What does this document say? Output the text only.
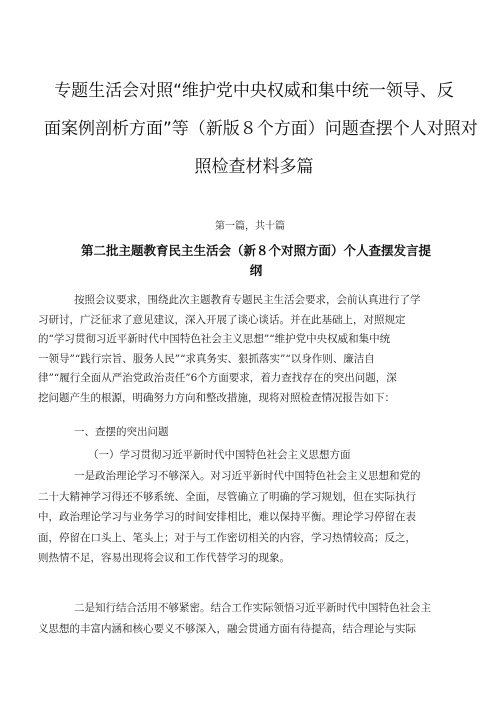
专题生活会对照“维护党中央权威和集中统一领导、反
面案例剖析方面”等（新版８个方面）问题查摆个人对照对
照检查材料多篇
第一篇，共十篇
第二批主题教育民主生活会（新８个对照方面）个人查摆发言提
纲
按照会议要求，围绕此次主题教育专题民主生活会要求，会前认真进行了学
习研讨，广泛征求了意见建议，深入开展了谈心谈话。并在此基础上，对照规定
的“学习贯彻习近平新时代中国特色社会主义思想”“维护党中央权威和集中统
一领导”“践行宗旨、服务人民”“求真务实、狠抓落实”“以身作则、廉洁自
律”“履行全面从严治党政治责任”6个方面要求，着力查找存在的突出问题，深
挖问题产生的根源，明确努力方向和整改措施，现将对照检查情况报告如下：
一、查摆的突出问题
（一）学习贯彻习近平新时代中国特色社会主义思想方面
一是政治理论学习不够深入。对习近平新时代中国特色社会主义思想和党的
二十大精神学习得还不够系统、全面，尽管确立了明确的学习规划，但在实际执行
中，政治理论学习与业务学习的时间安排相比，难以保持平衡。理论学习停留在表
面，停留在口头上、笔头上；对于与工作密切相关的内容，学习热情较高；反之，
则热情不足，容易出现将会议和工作代替学习的现象。
二是知行结合活用不够紧密。结合工作实际领悟习近平新时代中国特色社会主
义思想的丰富内涵和核心要义不够深入，融会贯通方面有待提高，结合理论与实际
